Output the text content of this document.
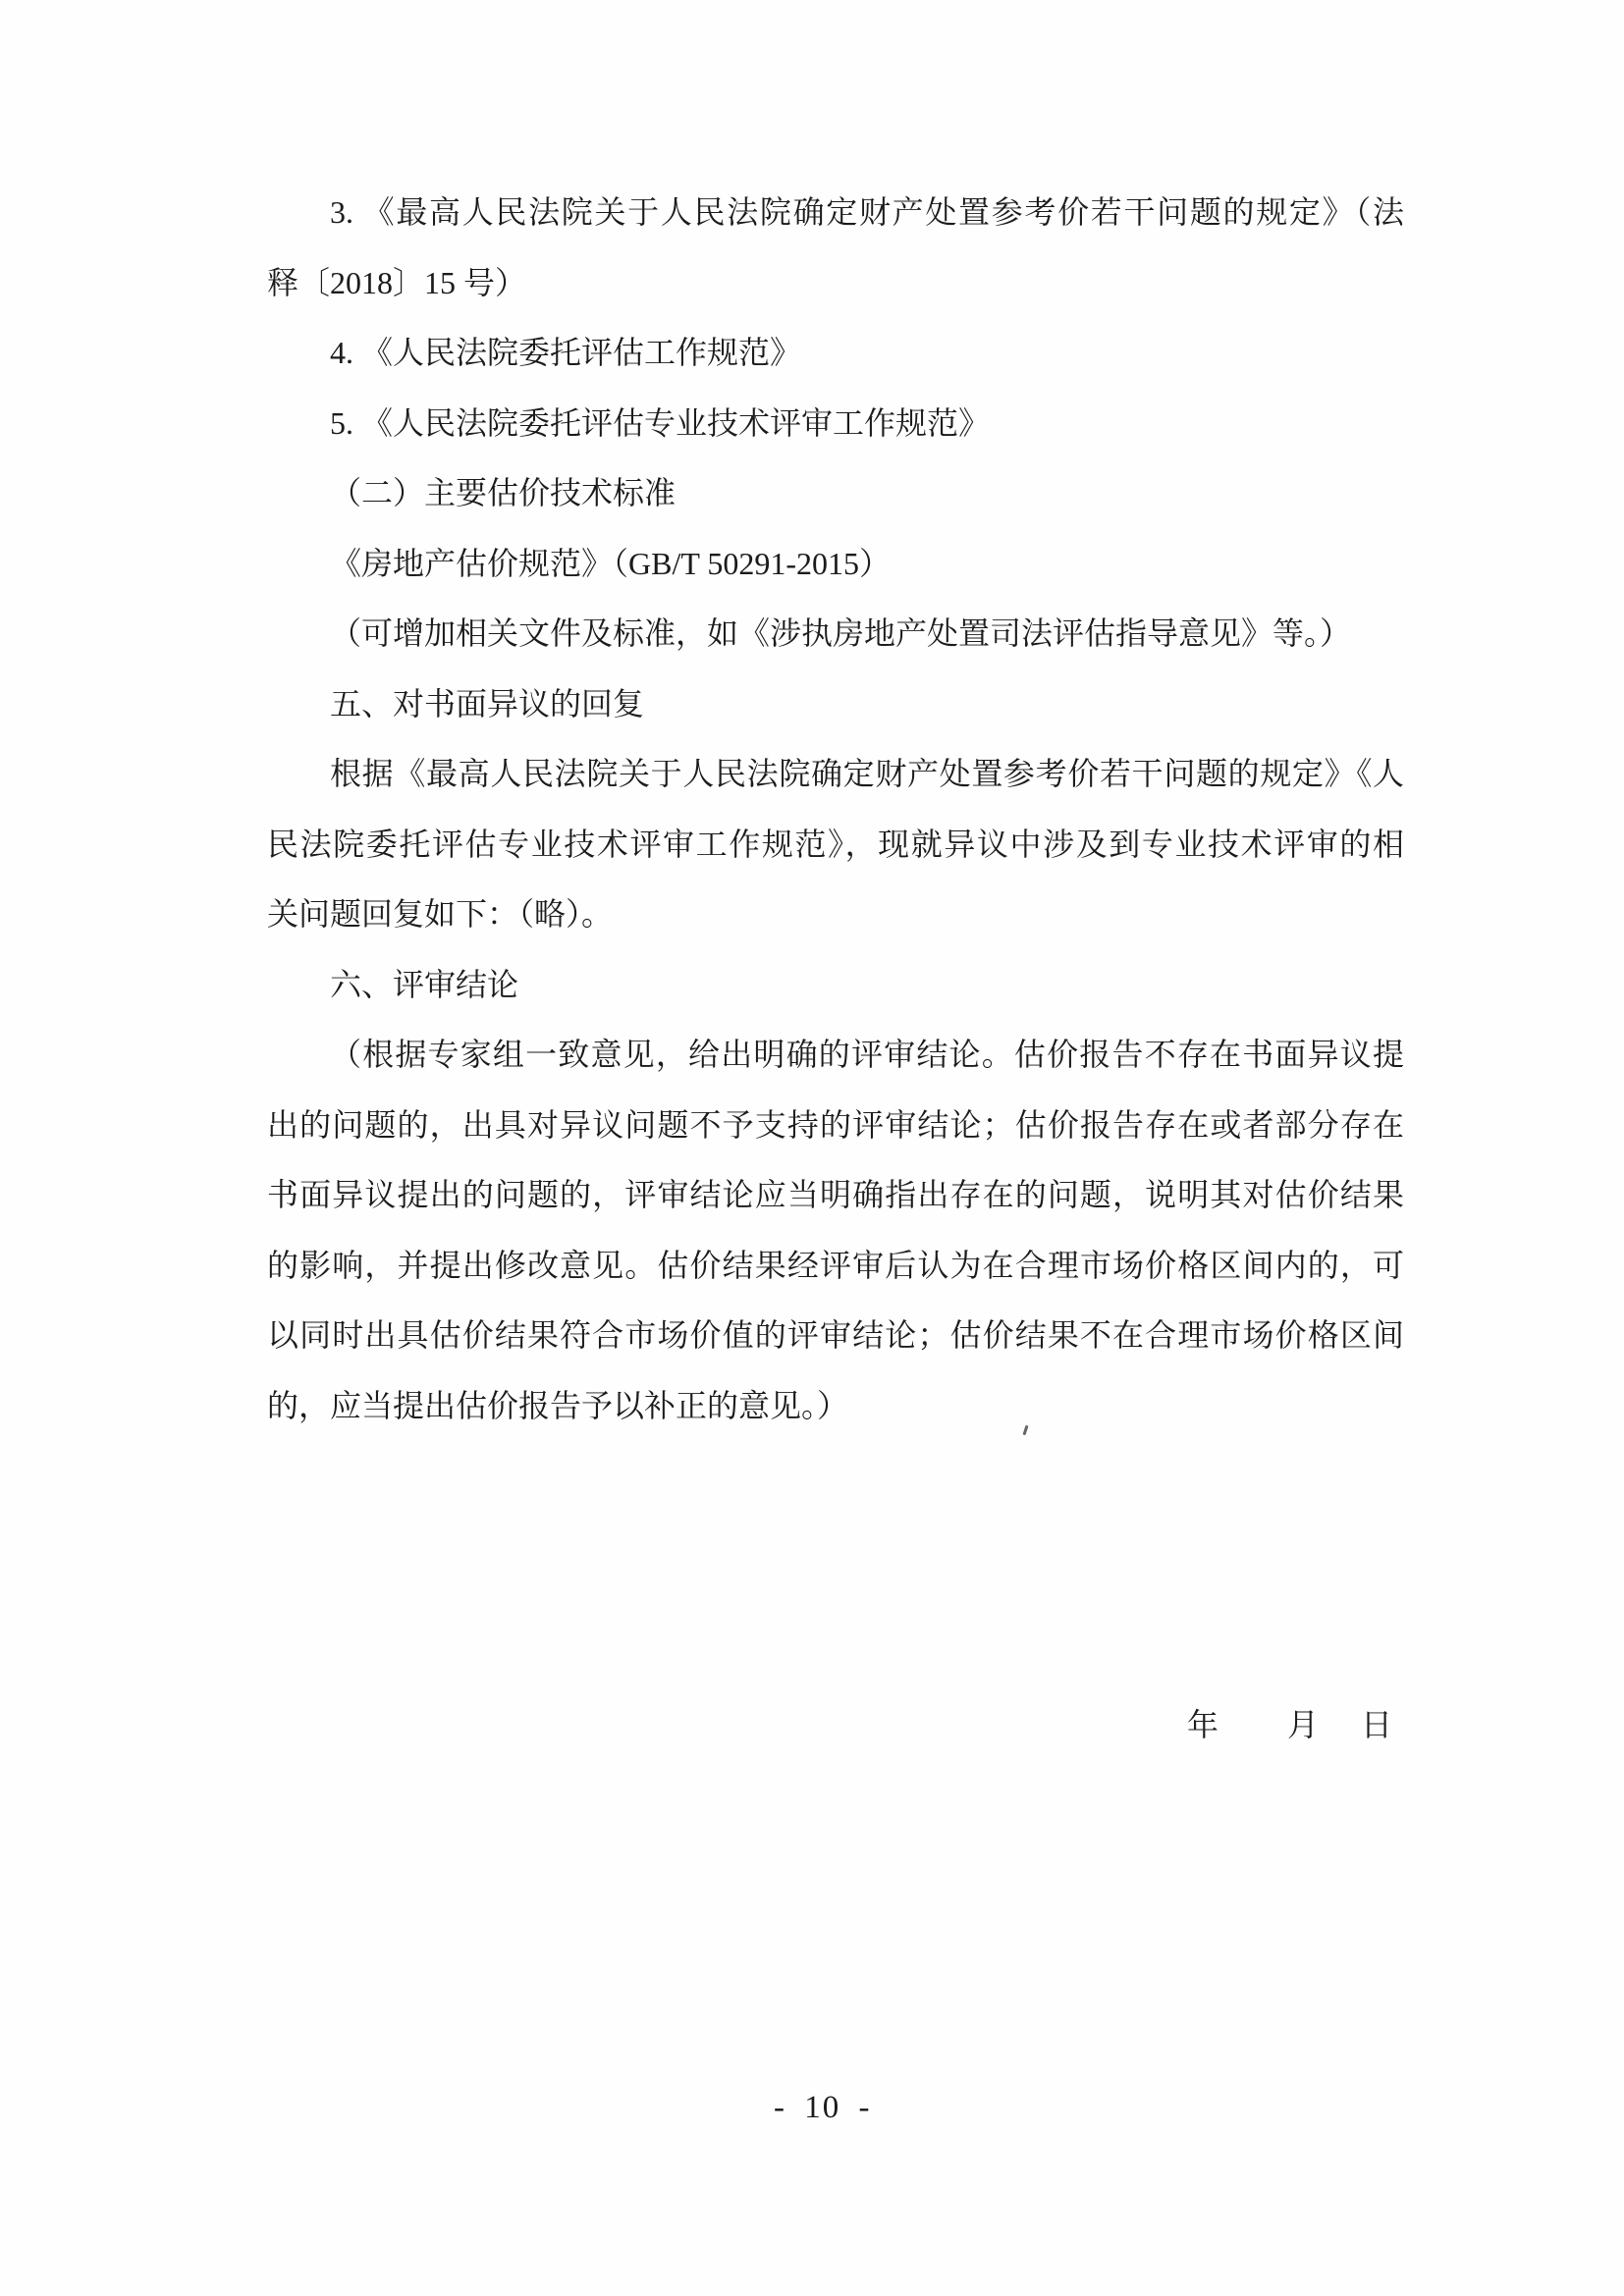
3. 《最高人民法院关于人民法院确定财产处置参考价若干问题的规定》（法
释〔2018〕15 号）
4. 《人民法院委托评估工作规范》
5. 《人民法院委托评估专业技术评审工作规范》
（二）主要估价技术标准
《房地产估价规范》（GB/T 50291-2015）
（可增加相关文件及标准，如《涉执房地产处置司法评估指导意见》等。）
五、对书面异议的回复
根据《最高人民法院关于人民法院确定财产处置参考价若干问题的规定》《人
民法院委托评估专业技术评审工作规范》，现就异议中涉及到专业技术评审的相
关问题回复如下：（略）。
六、评审结论
（根据专家组一致意见，给出明确的评审结论。估价报告不存在书面异议提
出的问题的，出具对异议问题不予支持的评审结论；估价报告存在或者部分存在
书面异议提出的问题的，评审结论应当明确指出存在的问题，说明其对估价结果
的影响，并提出修改意见。估价结果经评审后认为在合理市场价格区间内的，可
以同时出具估价结果符合市场价值的评审结论；估价结果不在合理市场价格区间
的，应当提出估价报告予以补正的意见。）
年 月 日
- 10 -
